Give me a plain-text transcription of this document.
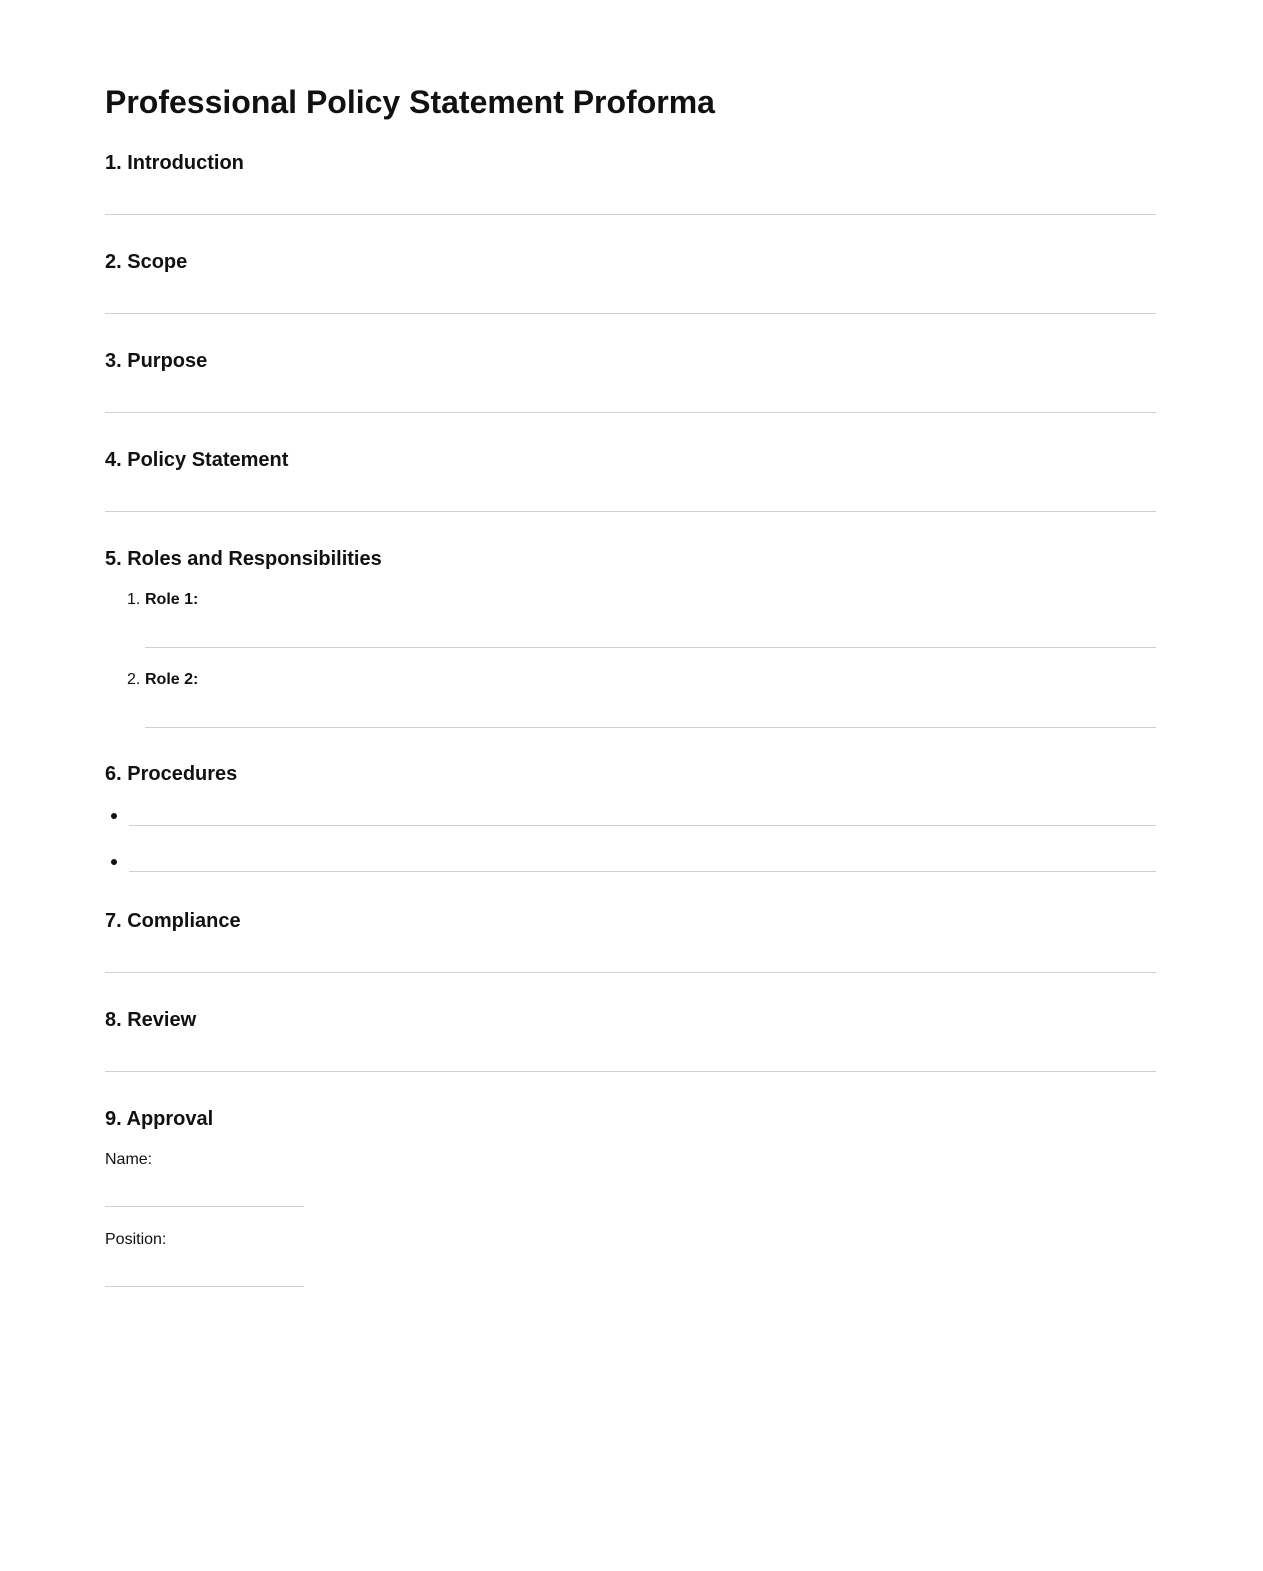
Professional Policy Statement Proforma
1. Introduction
2. Scope
3. Purpose
4. Policy Statement
5. Roles and Responsibilities
1. Role 1:
2. Role 2:
6. Procedures
7. Compliance
8. Review
9. Approval
Name:
Position:
